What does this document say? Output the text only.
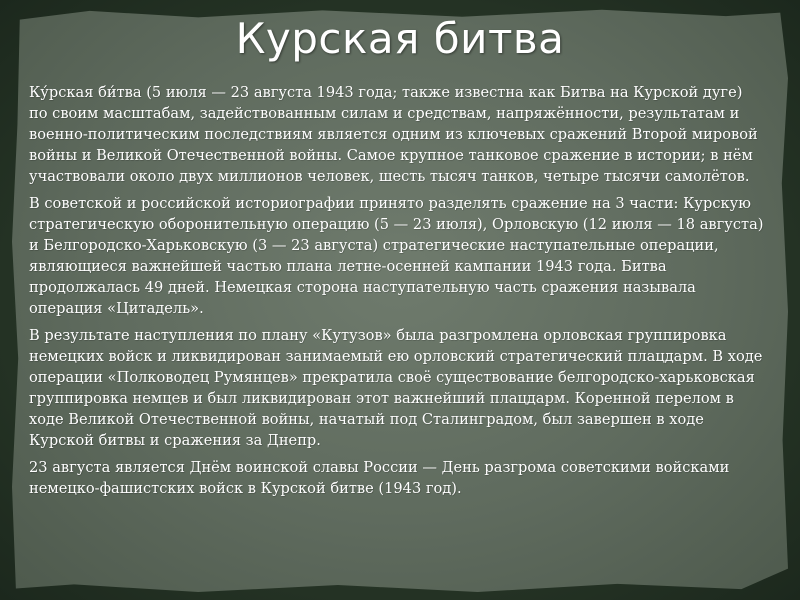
Курская битва

Ку́рская би́тва (5 июля — 23 августа 1943 года; также известна как Битва на Курской дуге) по своим масштабам, задействованным силам и средствам, напряжённости, результатам и военно-политическим последствиям является одним из ключевых сражений Второй мировой войны и Великой Отечественной войны. Самое крупное танковое сражение в истории; в нём участвовали около двух миллионов человек, шесть тысяч танков, четыре тысячи самолётов.

В советской и российской историографии принято разделять сражение на 3 части: Курскую стратегическую оборонительную операцию (5 — 23 июля), Орловскую (12 июля — 18 августа) и Белгородско-Харьковскую (3 — 23 августа) стратегические наступательные операции, являющиеся важнейшей частью плана летне-осенней кампании 1943 года. Битва продолжалась 49 дней. Немецкая сторона наступательную часть сражения называла операция «Цитадель».

В результате наступления по плану «Кутузов» была разгромлена орловская группировка немецких войск и ликвидирован занимаемый ею орловский стратегический плацдарм. В ходе операции «Полководец Румянцев» прекратила своё существование белгородско-харьковская группировка немцев и был ликвидирован этот важнейший плацдарм. Коренной перелом в ходе Великой Отечественной войны, начатый под Сталинградом, был завершен в ходе Курской битвы и сражения за Днепр.

23 августа является Днём воинской славы России — День разгрома советскими войсками немецко-фашистских войск в Курской битве (1943 год).
